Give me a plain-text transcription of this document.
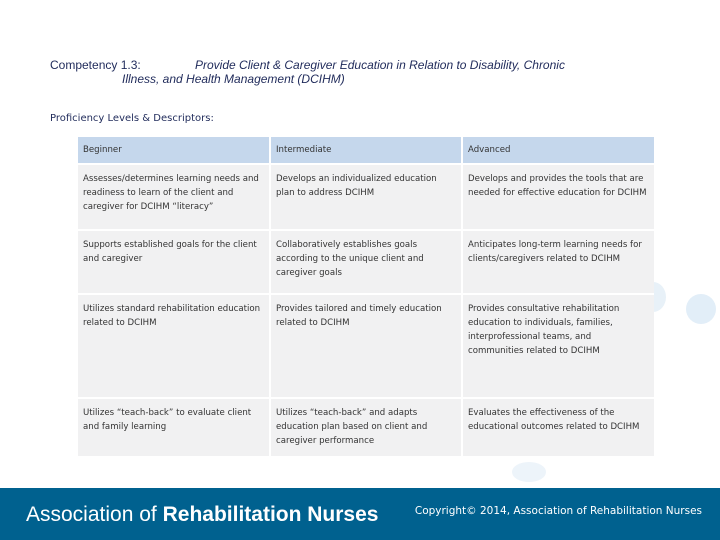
Competency 1.3:	Provide Client & Caregiver Education in Relation to Disability, Chronic
Illness, and Health Management (DCIHM)
Proficiency Levels & Descriptors:
Beginner	Intermediate	Advanced
Assesses/determines learning needs and readiness to learn of the client and caregiver for DCIHM “literacy”	Develops an individualized education plan to address DCIHM	Develops and provides the tools that are needed for effective education for DCIHM
Supports established goals for the client and caregiver	Collaboratively establishes goals according to the unique client and caregiver goals	Anticipates long-term learning needs for clients/caregivers related to DCIHM
Utilizes standard rehabilitation education related to DCIHM	Provides tailored and timely education related to DCIHM	Provides consultative rehabilitation education to individuals, families, interprofessional teams, and communities related to DCIHM
Utilizes “teach-back” to evaluate client and family learning	Utilizes “teach-back” and adapts education plan based on client and caregiver performance	Evaluates the effectiveness of the educational outcomes related to DCIHM
Association of Rehabilitation Nurses	Copyright© 2014, Association of Rehabilitation Nurses
